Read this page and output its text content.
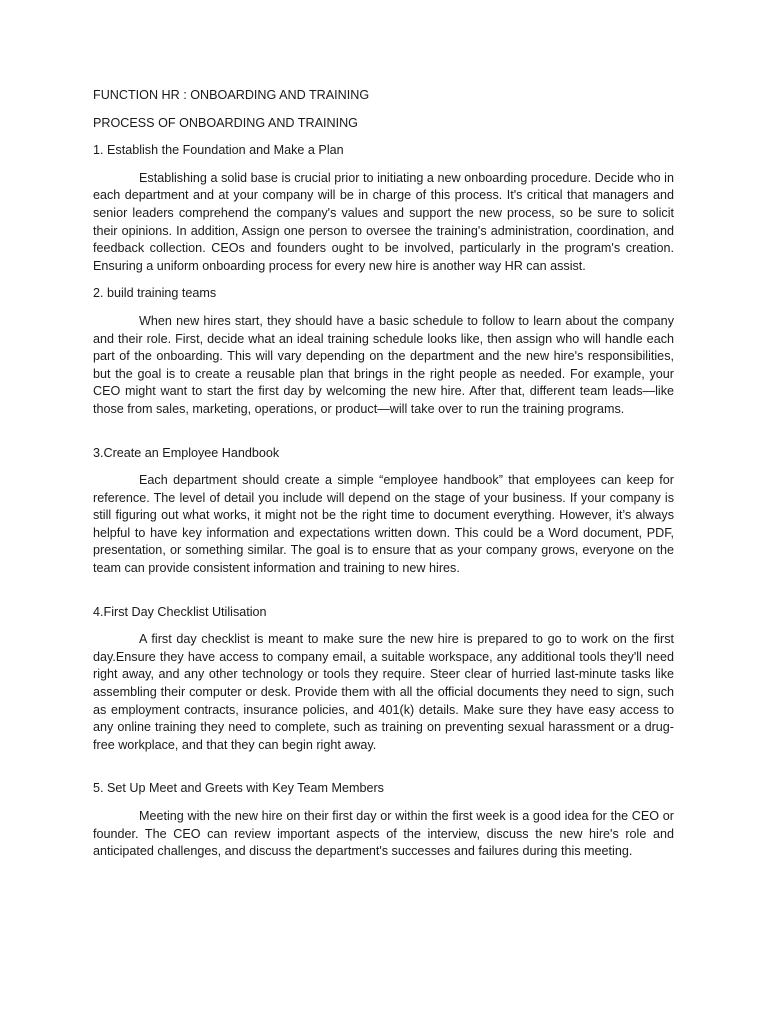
FUNCTION HR : ONBOARDING AND TRAINING

PROCESS OF ONBOARDING AND TRAINING

1. Establish the Foundation and Make a Plan

Establishing a solid base is crucial prior to initiating a new onboarding procedure. Decide who in each department and at your company will be in charge of this process. It's critical that managers and senior leaders comprehend the company's values and support the new process, so be sure to solicit their opinions. In addition, Assign one person to oversee the training's administration, coordination, and feedback collection. CEOs and founders ought to be involved, particularly in the program's creation. Ensuring a uniform onboarding process for every new hire is another way HR can assist.

2. build training teams

When new hires start, they should have a basic schedule to follow to learn about the company and their role. First, decide what an ideal training schedule looks like, then assign who will handle each part of the onboarding. This will vary depending on the department and the new hire's responsibilities, but the goal is to create a reusable plan that brings in the right people as needed. For example, your CEO might want to start the first day by welcoming the new hire. After that, different team leads—like those from sales, marketing, operations, or product—will take over to run the training programs.

3.Create an Employee Handbook

Each department should create a simple “employee handbook” that employees can keep for reference. The level of detail you include will depend on the stage of your business. If your company is still figuring out what works, it might not be the right time to document everything. However, it’s always helpful to have key information and expectations written down. This could be a Word document, PDF, presentation, or something similar. The goal is to ensure that as your company grows, everyone on the team can provide consistent information and training to new hires.

4.First Day Checklist Utilisation

A first day checklist is meant to make sure the new hire is prepared to go to work on the first day.Ensure they have access to company email, a suitable workspace, any additional tools they'll need right away, and any other technology or tools they require. Steer clear of hurried last-minute tasks like assembling their computer or desk. Provide them with all the official documents they need to sign, such as employment contracts, insurance policies, and 401(k) details. Make sure they have easy access to any online training they need to complete, such as training on preventing sexual harassment or a drug-free workplace, and that they can begin right away.

5. Set Up Meet and Greets with Key Team Members

Meeting with the new hire on their first day or within the first week is a good idea for the CEO or founder. The CEO can review important aspects of the interview, discuss the new hire's role and anticipated challenges, and discuss the department's successes and failures during this meeting.
